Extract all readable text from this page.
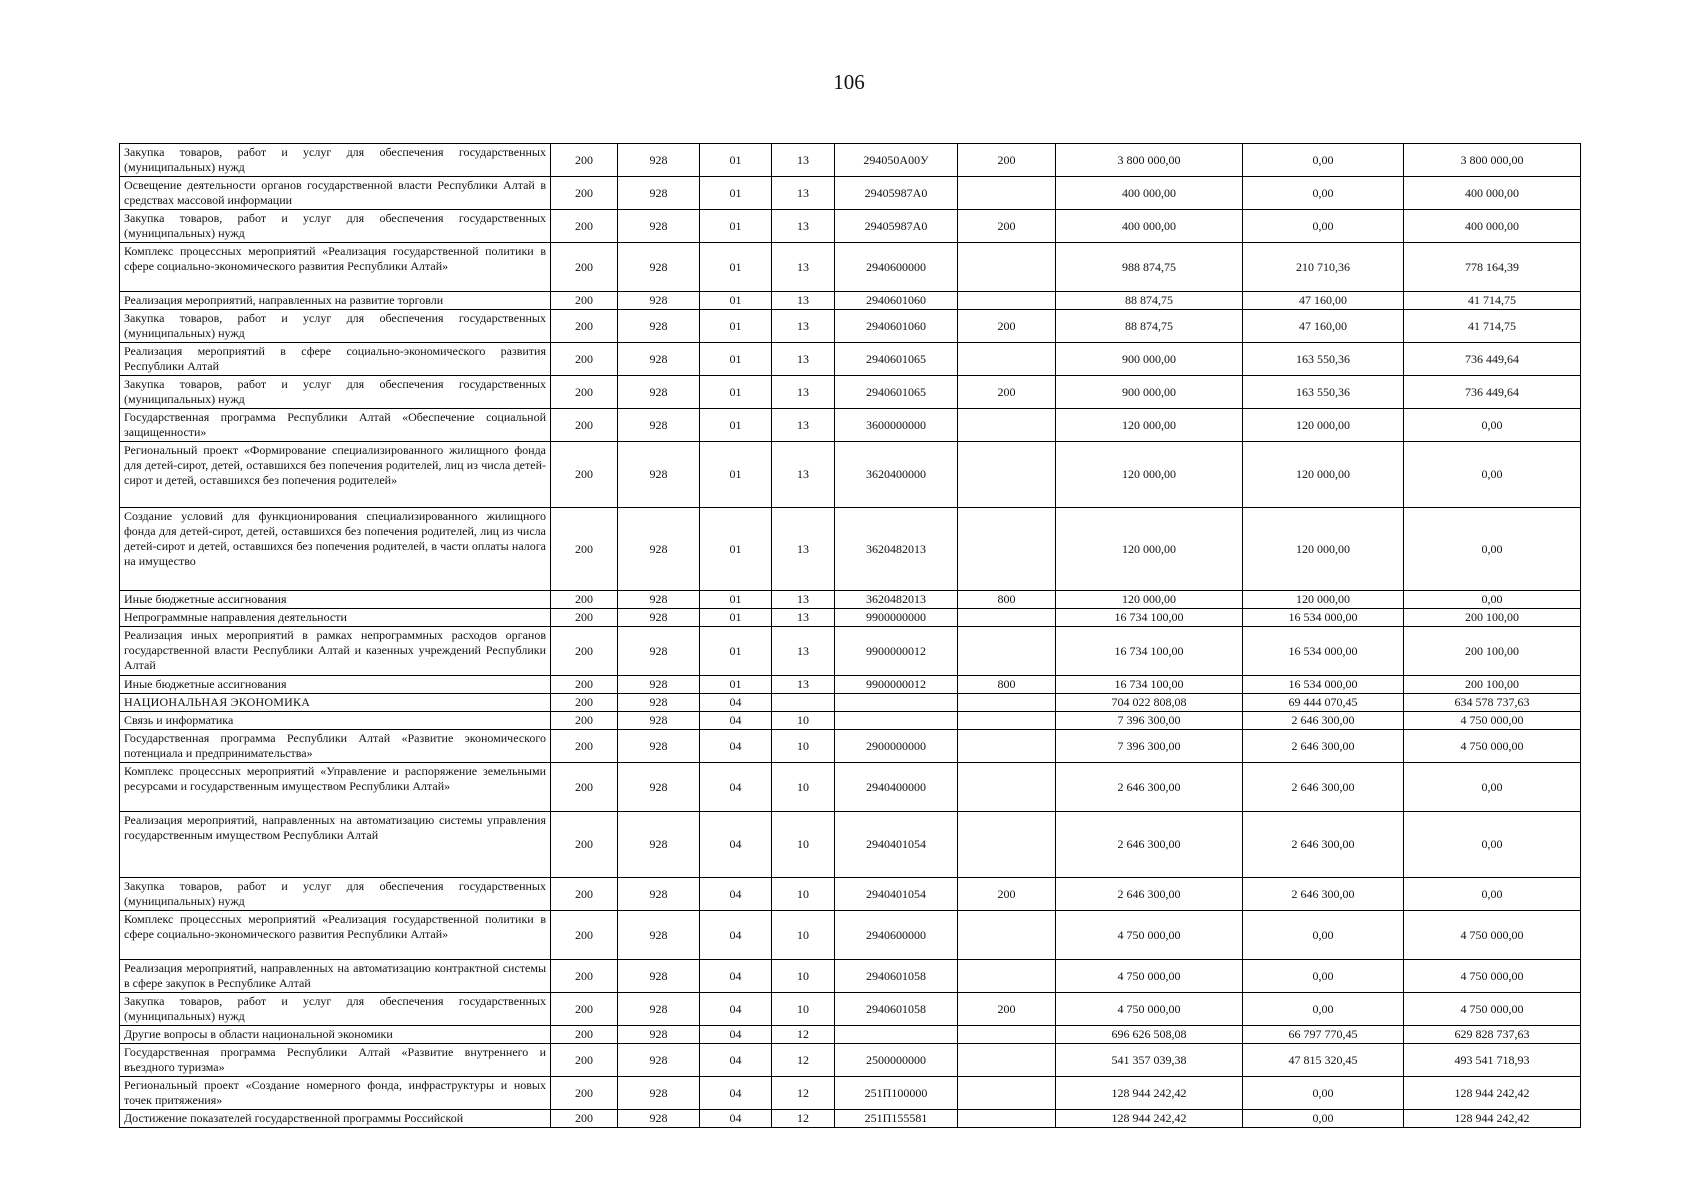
106
Закупка товаров, работ и услуг для обеспечения государственных (муниципальных) нужд	200	928	01	13	294050А00У	200	3 800 000,00	0,00	3 800 000,00
Освещение деятельности органов государственной власти Республики Алтай в средствах массовой информации	200	928	01	13	29405987А0		400 000,00	0,00	400 000,00
Закупка товаров, работ и услуг для обеспечения государственных (муниципальных) нужд	200	928	01	13	29405987А0	200	400 000,00	0,00	400 000,00
Комплекс процессных мероприятий «Реализация государственной политики в сфере социально-экономического развития Республики Алтай»	200	928	01	13	2940600000		988 874,75	210 710,36	778 164,39
Реализация мероприятий, направленных на развитие торговли	200	928	01	13	2940601060		88 874,75	47 160,00	41 714,75
Закупка товаров, работ и услуг для обеспечения государственных (муниципальных) нужд	200	928	01	13	2940601060	200	88 874,75	47 160,00	41 714,75
Реализация мероприятий в сфере социально-экономического развития Республики Алтай	200	928	01	13	2940601065		900 000,00	163 550,36	736 449,64
Закупка товаров, работ и услуг для обеспечения государственных (муниципальных) нужд	200	928	01	13	2940601065	200	900 000,00	163 550,36	736 449,64
Государственная программа Республики Алтай «Обеспечение социальной защищенности»	200	928	01	13	3600000000		120 000,00	120 000,00	0,00
Региональный проект «Формирование специализированного жилищного фонда для детей-сирот, детей, оставшихся без попечения родителей, лиц из числа детей-сирот и детей, оставшихся без попечения родителей»	200	928	01	13	3620400000		120 000,00	120 000,00	0,00
Создание условий для функционирования специализированного жилищного фонда для детей-сирот, детей, оставшихся без попечения родителей, лиц из числа детей-сирот и детей, оставшихся без попечения родителей, в части оплаты налога на имущество	200	928	01	13	3620482013		120 000,00	120 000,00	0,00
Иные бюджетные ассигнования	200	928	01	13	3620482013	800	120 000,00	120 000,00	0,00
Непрограммные направления деятельности	200	928	01	13	9900000000		16 734 100,00	16 534 000,00	200 100,00
Реализация иных мероприятий в рамках непрограммных расходов органов государственной власти Республики Алтай и казенных учреждений Республики Алтай	200	928	01	13	9900000012		16 734 100,00	16 534 000,00	200 100,00
Иные бюджетные ассигнования	200	928	01	13	9900000012	800	16 734 100,00	16 534 000,00	200 100,00
НАЦИОНАЛЬНАЯ ЭКОНОМИКА	200	928	04				704 022 808,08	69 444 070,45	634 578 737,63
Связь и информатика	200	928	04	10			7 396 300,00	2 646 300,00	4 750 000,00
Государственная программа Республики Алтай «Развитие экономического потенциала и предпринимательства»	200	928	04	10	2900000000		7 396 300,00	2 646 300,00	4 750 000,00
Комплекс процессных мероприятий «Управление и распоряжение земельными ресурсами и государственным имуществом Республики Алтай»	200	928	04	10	2940400000		2 646 300,00	2 646 300,00	0,00
Реализация мероприятий, направленных на автоматизацию системы управления государственным имуществом Республики Алтай	200	928	04	10	2940401054		2 646 300,00	2 646 300,00	0,00
Закупка товаров, работ и услуг для обеспечения государственных (муниципальных) нужд	200	928	04	10	2940401054	200	2 646 300,00	2 646 300,00	0,00
Комплекс процессных мероприятий «Реализация государственной политики в сфере социально-экономического развития Республики Алтай»	200	928	04	10	2940600000		4 750 000,00	0,00	4 750 000,00
Реализация мероприятий, направленных на автоматизацию контрактной системы в сфере закупок в Республике Алтай	200	928	04	10	2940601058		4 750 000,00	0,00	4 750 000,00
Закупка товаров, работ и услуг для обеспечения государственных (муниципальных) нужд	200	928	04	10	2940601058	200	4 750 000,00	0,00	4 750 000,00
Другие вопросы в области национальной экономики	200	928	04	12			696 626 508,08	66 797 770,45	629 828 737,63
Государственная программа Республики Алтай «Развитие внутреннего и въездного туризма»	200	928	04	12	2500000000		541 357 039,38	47 815 320,45	493 541 718,93
Региональный проект «Создание номерного фонда, инфраструктуры и новых точек притяжения»	200	928	04	12	251П100000		128 944 242,42	0,00	128 944 242,42
Достижение показателей государственной программы Российской	200	928	04	12	251П155581		128 944 242,42	0,00	128 944 242,42
